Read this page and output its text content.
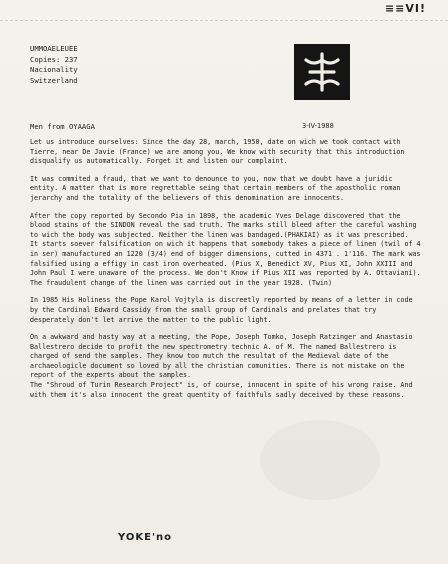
≡≡VI!
UMMOAELEUEE
Copies: 237
Nacionality
Switzerland
3-IV-1988
Men from OYAAGA

Let us introduce ourselves: Since the day 28, march, 1950, date on wich we took contact with Tierre, near De Javie (France) we are among you. We know with security that this introduction disqualify us automatically. Forget it and listen our complaint.

It was commited a fraud, that we want to denounce to you, now that we doubt have a juridic entity. A matter that is more regrettable seing that certain members of the apostholic roman jerarchy and the totality of the believers of this denomination are innocents.

After the copy reported by Secondo Pia in 1898, the academic Yves Delage discovered that the blood stains of the SINDON reveal the sad truth. The marks still bleed after the careful washing to wich the body was subjected. Neither the linen was bandaged.(PHAKIAI) as it was prescribed.

It starts soever falsification on wich it happens that somebody takes a piece of linen (twil of 4 in ser) manufactured an 1220 (3/4) end of bigger dimensions, cutted in 4371 . 1'116. The mark was falsified using a effigy in cast iron overheated. (Pius X, Benedict XV, Pius XI, John XXIII and John Paul I were unaware of the process. We don't Know if Pius XII was reported by A. Ottaviani). The fraudulent change of the linen was carried out in the year 1928. (Twin)

In 1985 His Holiness the Pope Karol Vojtyla is discreetly reported by means of a letter in code by the Cardinal Edward Cassidy from the small group of Cardinals and prelates that try desperately don't let arrive the matter to the public light.

On a awkward and hasty way at a meeting, the Pope, Joseph Tomko, Joseph Ratzinger and Anastasio Ballestrero decide to profit the new spectrometry technic A. of M. The named Ballestrero is charged of send the samples. They know too mutch the resultat of the Medieval date of the archaeologicle document so loved by all the christian comunities. There is not mistake on the report of the experts about the samples.

The "Shroud of Turin Research Project" is, of course, innocent in spite of his wrong raise. And with them it's also innocent the great quentity of faithfuls sadly deceived by these reasons.

YOKE'no
